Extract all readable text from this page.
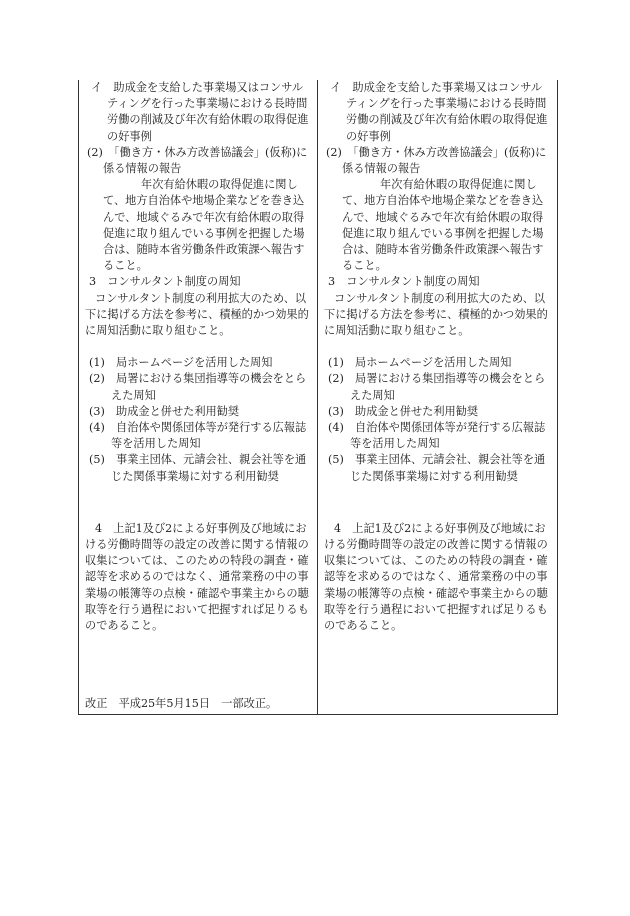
イ　助成金を支給した事業場又はコンサルティングを行った事業場における長時間労働の削減及び年次有給休暇の取得促進の好事例

(2)　「働き方・休み方改善協議会」(仮称)に係る情報の報告

年次有給休暇の取得促進に関して、地方自治体や地場企業などを巻き込んで、地域ぐるみで年次有給休暇の取得促進に取り組んでいる事例を把握した場合は、随時本省労働条件政策課へ報告すること。

3　コンサルタント制度の周知

コンサルタント制度の利用拡大のため、以下に掲げる方法を参考に、積極的かつ効果的に周知活動に取り組むこと。

(1)　局ホームページを活用した周知
(2)　局署における集団指導等の機会をとらえた周知
(3)　助成金と併せた利用勧奨
(4)　自治体や関係団体等が発行する広報誌等を活用した周知
(5)　事業主団体、元請会社、親会社等を通じた関係事業場に対する利用勧奨

4　上記1及び2による好事例及び地域における労働時間等の設定の改善に関する情報の収集については、このための特段の調査・確認等を求めるのではなく、通常業務の中の事業場の帳簿等の点検・確認や事業主からの聴取等を行う過程において把握すれば足りるものであること。

イ　助成金を支給した事業場又はコンサルティングを行った事業場における長時間労働の削減及び年次有給休暇の取得促進の好事例

(2)　「働き方・休み方改善協議会」(仮称)に係る情報の報告

年次有給休暇の取得促進に関して、地方自治体や地場企業などを巻き込んで、地域ぐるみで年次有給休暇の取得促進に取り組んでいる事例を把握した場合は、随時本省労働条件政策課へ報告すること。

3　コンサルタント制度の周知

コンサルタント制度の利用拡大のため、以下に掲げる方法を参考に、積極的かつ効果的に周知活動に取り組むこと。

(1)　局ホームページを活用した周知
(2)　局署における集団指導等の機会をとらえた周知
(3)　助成金と併せた利用勧奨
(4)　自治体や関係団体等が発行する広報誌等を活用した周知
(5)　事業主団体、元請会社、親会社等を通じた関係事業場に対する利用勧奨

4　上記1及び2による好事例及び地域における労働時間等の設定の改善に関する情報の収集については、このための特段の調査・確認等を求めるのではなく、通常業務の中の事業場の帳簿等の点検・確認や事業主からの聴取等を行う過程において把握すれば足りるものであること。

改正　平成25年5月15日　一部改正。
